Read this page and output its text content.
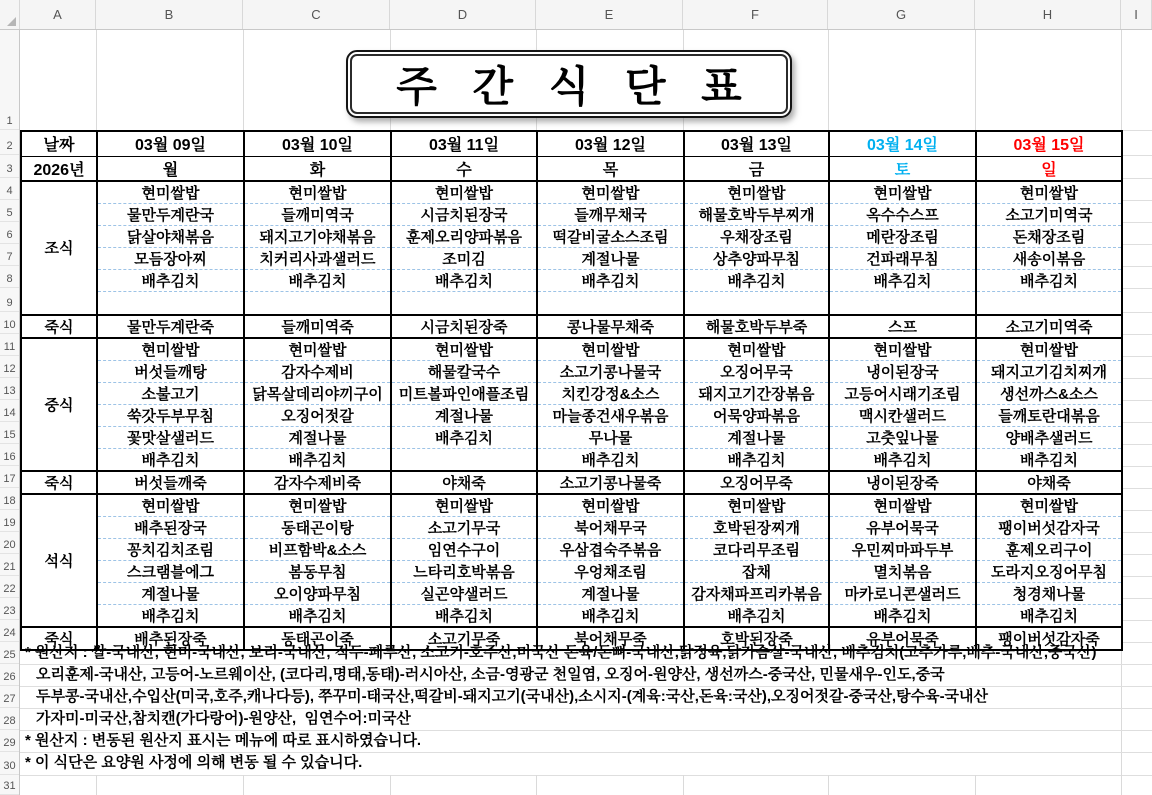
A	B	C	D	E	F	G	H	I
1
2
3
4
5
6
7
8
9
10
11
12
13
14
15
16
17
18
19
20
21
22
23
24
25
26
27
28
29
30
31
주 간 식 단 표
날짜	03월 09일	03월 10일	03월 11일	03월 12일	03월 13일	03월 14일	03월 15일
2026년	월	화	수	목	금	토	일
조식	현미쌀밥	현미쌀밥	현미쌀밥	현미쌀밥	현미쌀밥	현미쌀밥	현미쌀밥
	물만두계란국	들깨미역국	시금치된장국	들깨무채국	해물호박두부찌개	옥수수스프	소고기미역국
	닭살야채볶음	돼지고기야채볶음	훈제오리양파볶음	떡갈비굴소스조림	우채장조림	메란장조림	돈채장조림
	모듬장아찌	치커리사과샐러드	조미김	계절나물	상추양파무침	건파래무침	새송이볶음
	배추김치	배추김치	배추김치	배추김치	배추김치	배추김치	배추김치

죽식	물만두계란죽	들깨미역죽	시금치된장죽	콩나물무채죽	해물호박두부죽	스프	소고기미역죽
중식	현미쌀밥	현미쌀밥	현미쌀밥	현미쌀밥	현미쌀밥	현미쌀밥	현미쌀밥
	버섯들깨탕	감자수제비	해물칼국수	소고기콩나물국	오징어무국	냉이된장국	돼지고기김치찌개
	소불고기	닭목살데리야끼구이	미트볼파인애플조림	치킨강정&소스	돼지고기간장볶음	고등어시래기조림	생선까스&소스
	쑥갓두부무침	오징어젓갈	계절나물	마늘종건새우볶음	어묵양파볶음	맥시칸샐러드	들깨토란대볶음
	꽃맛살샐러드	계절나물	배추김치	무나물	계절나물	고춧잎나물	양배추샐러드
	배추김치	배추김치		배추김치	배추김치	배추김치	배추김치
죽식	버섯들깨죽	감자수제비죽	야채죽	소고기콩나물죽	오징어무죽	냉이된장죽	야채죽
석식	현미쌀밥	현미쌀밥	현미쌀밥	현미쌀밥	현미쌀밥	현미쌀밥	현미쌀밥
	배추된장국	동태곤이탕	소고기무국	북어채무국	호박된장찌개	유부어묵국	팽이버섯감자국
	꽁치김치조림	비프함박&소스	임연수구이	우삼겹숙주볶음	코다리무조림	우민찌마파두부	훈제오리구이
	스크램블에그	봄동무침	느타리호박볶음	우엉채조림	잡채	멸치볶음	도라지오징어무침
	계절나물	오이양파무침	실곤약샐러드	계절나물	감자채파프리카볶음	마카로니콘샐러드	청경채나물
	배추김치	배추김치	배추김치	배추김치	배추김치	배추김치	배추김치
죽식	배추된장죽	동태곤이죽	소고기무죽	북어채무죽	호박된장죽	유부어묵죽	팽이버섯감자죽
* 원산지 : 쌀-국내산, 현미-국내산, 보리-국내산, 적두-페루산, 소고기-호주산,미국산 돈육/돈뼈-국내산,닭정육,닭가슴살-국내산, 배추김치(고추가루,배추-국내산,중국산)
오리훈제-국내산, 고등어-노르웨이산, (코다리,명태,동태)-러시아산, 소금-영광군 천일염, 오징어-원양산, 생선까스-중국산, 민물새우-인도,중국
두부콩-국내산,수입산(미국,호주,캐나다등), 쭈꾸미-태국산,떡갈비-돼지고기(국내산),소시지-(계육:국산,돈육:국산),오징어젓갈-중국산,탕수육-국내산
가자미-미국산,참치캔(가다랑어)-원양산,  임연수어:미국산
* 원산지 : 변동된 원산지 표시는 메뉴에 따로 표시하였습니다.
* 이 식단은 요양원 사정에 의해 변동 될 수 있습니다.
